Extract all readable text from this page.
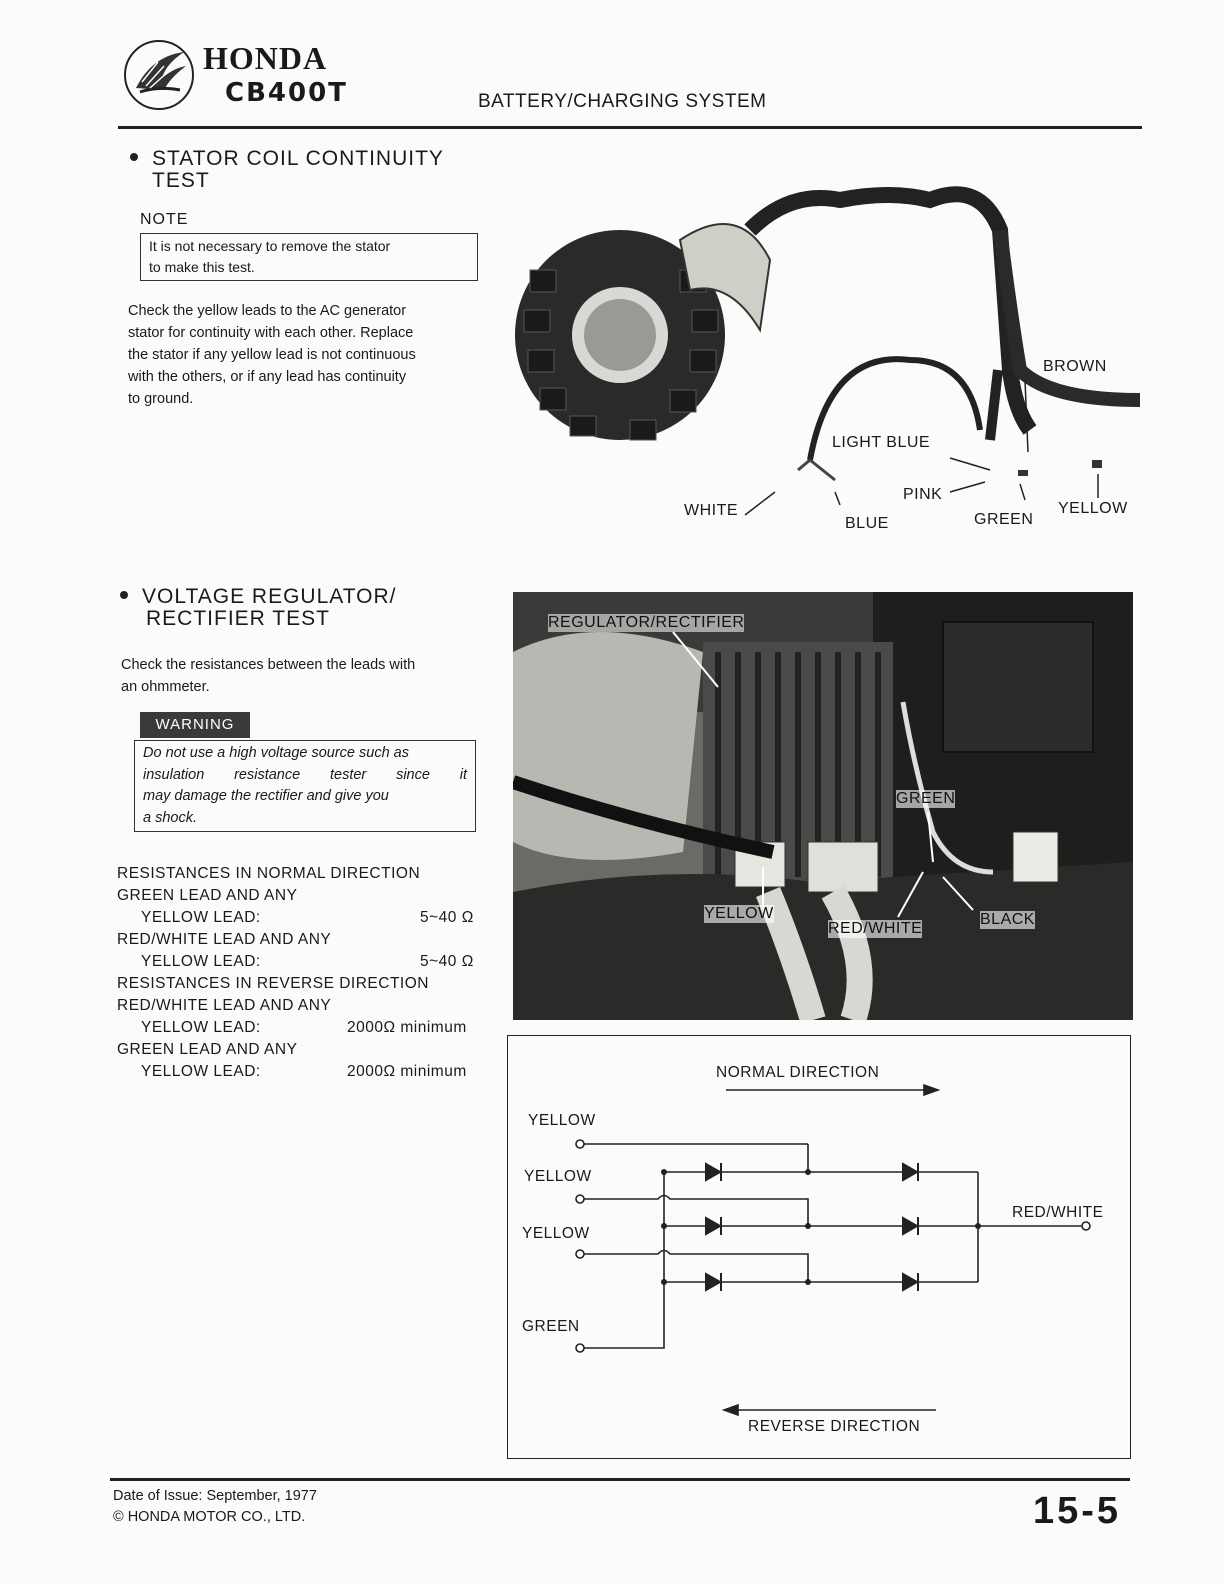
HONDA
CB400T	BATTERY/CHARGING SYSTEM
STATOR COIL CONTINUITY
TEST
NOTE
It is not necessary to remove the stator
to make this test.
Check the yellow leads to the AC generator
stator for continuity with each other. Replace
the stator if any yellow lead is not continuous
with the others, or if any lead has continuity
to ground.
BROWN
LIGHT BLUE
PINK
WHITE
BLUE	GREEN
YELLOW
VOLTAGE REGULATOR/
RECTIFIER TEST
Check the resistances between the leads with
an ohmmeter.
WARNING
Do not use a high voltage source such as
insulation resistance tester since it
may damage the rectifier and give you
a shock.
RESISTANCES IN NORMAL DIRECTION
GREEN LEAD AND ANY
YELLOW LEAD:	5~40 Ω
RED/WHITE LEAD AND ANY
YELLOW LEAD:	5~40 Ω
RESISTANCES IN REVERSE DIRECTION
RED/WHITE LEAD AND ANY
YELLOW LEAD:	2000Ω minimum
GREEN LEAD AND ANY
YELLOW LEAD:	2000Ω minimum
REGULATOR/RECTIFIER
GREEN
YELLOW
RED/WHITE
BLACK
NORMAL DIRECTION
REVERSE DIRECTION
YELLOW
YELLOW
YELLOW
GREEN
RED/WHITE
Date of Issue: September, 1977
© HONDA MOTOR CO., LTD.	15-5
